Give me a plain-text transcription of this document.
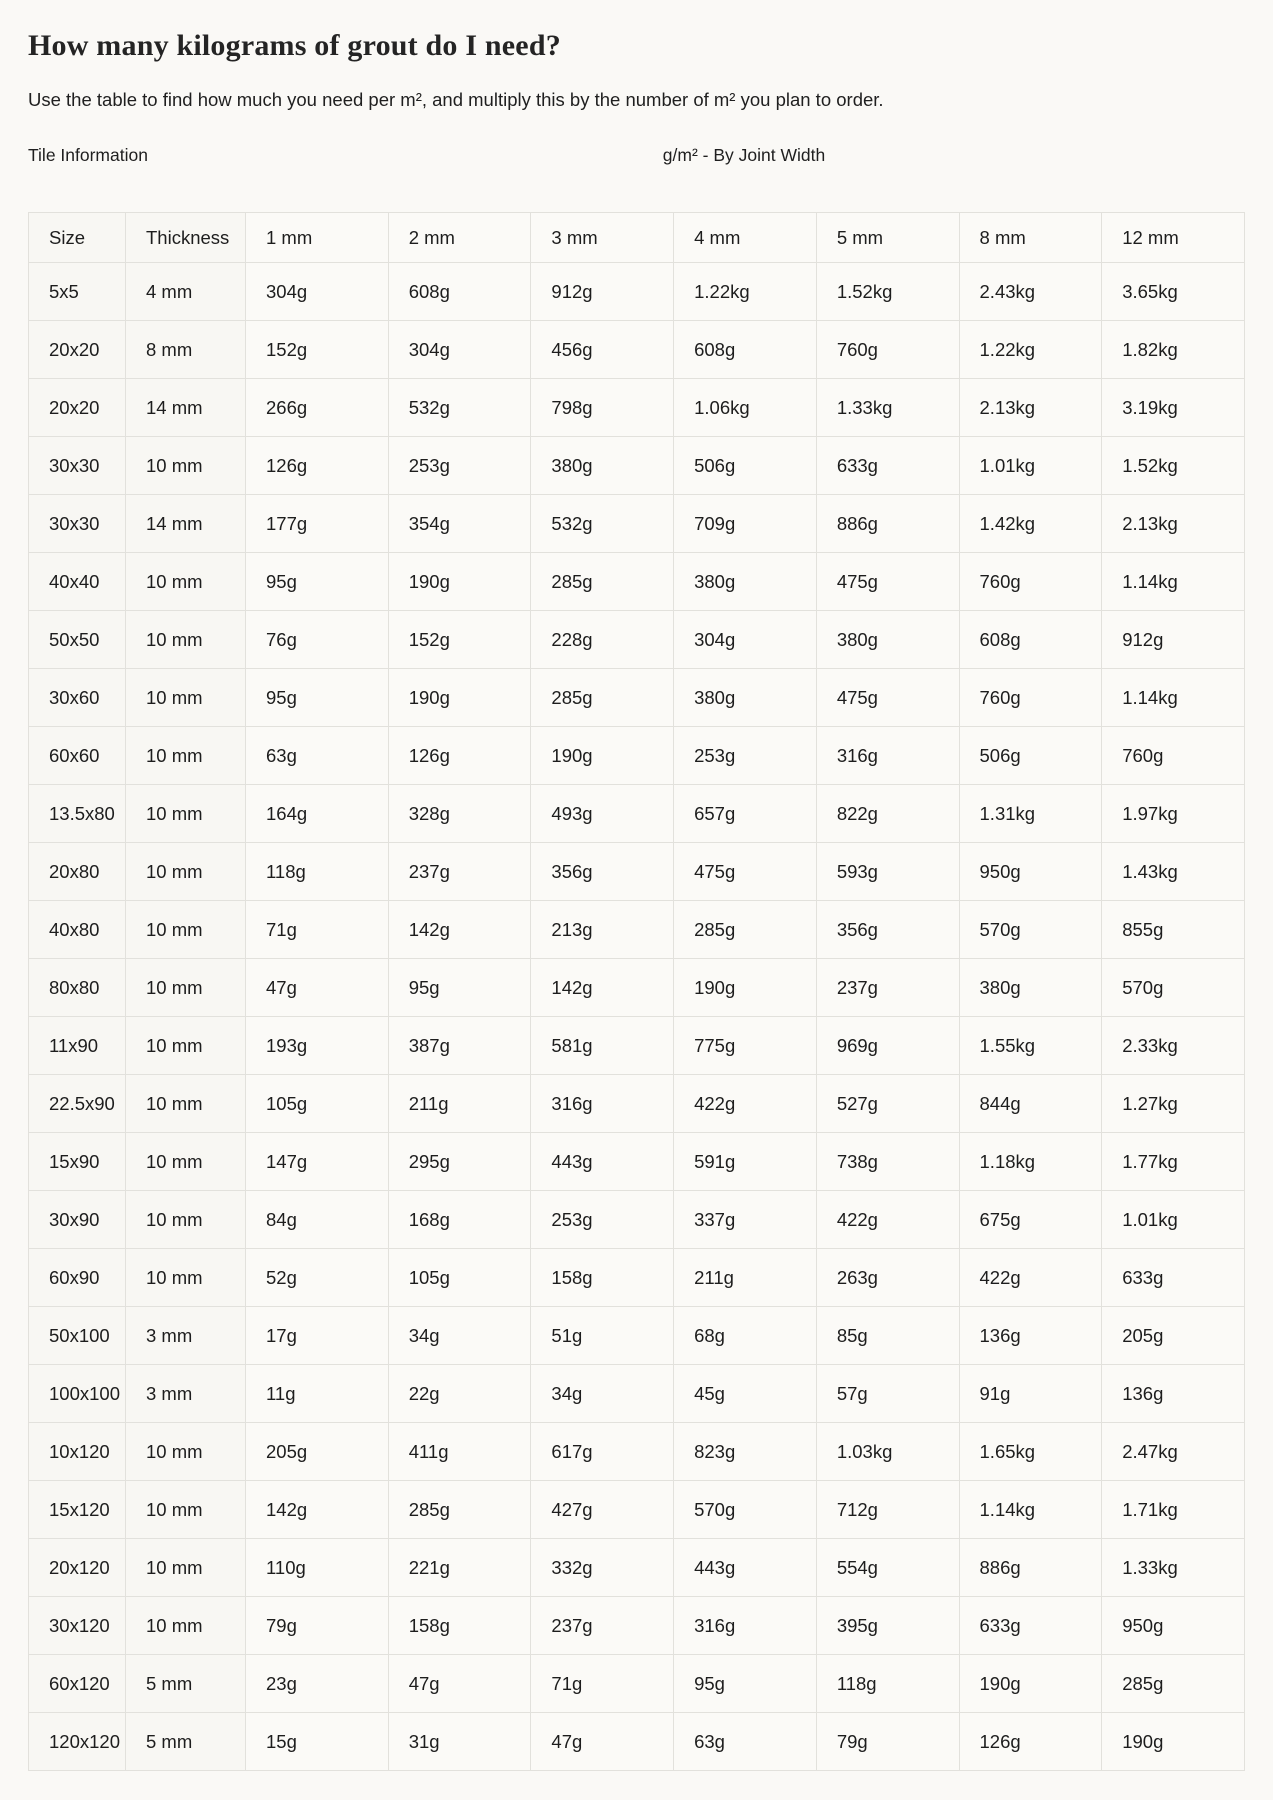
How many kilograms of grout do I need?

Use the table to find how much you need per m², and multiply this by the number of m² you plan to order.

Tile Information	g/m² - By Joint Width
Size	Thickness	1 mm	2 mm	3 mm	4 mm	5 mm	8 mm	12 mm
5x5	4 mm	304g	608g	912g	1.22kg	1.52kg	2.43kg	3.65kg
20x20	8 mm	152g	304g	456g	608g	760g	1.22kg	1.82kg
20x20	14 mm	266g	532g	798g	1.06kg	1.33kg	2.13kg	3.19kg
30x30	10 mm	126g	253g	380g	506g	633g	1.01kg	1.52kg
30x30	14 mm	177g	354g	532g	709g	886g	1.42kg	2.13kg
40x40	10 mm	95g	190g	285g	380g	475g	760g	1.14kg
50x50	10 mm	76g	152g	228g	304g	380g	608g	912g
30x60	10 mm	95g	190g	285g	380g	475g	760g	1.14kg
60x60	10 mm	63g	126g	190g	253g	316g	506g	760g
13.5x80	10 mm	164g	328g	493g	657g	822g	1.31kg	1.97kg
20x80	10 mm	118g	237g	356g	475g	593g	950g	1.43kg
40x80	10 mm	71g	142g	213g	285g	356g	570g	855g
80x80	10 mm	47g	95g	142g	190g	237g	380g	570g
11x90	10 mm	193g	387g	581g	775g	969g	1.55kg	2.33kg
22.5x90	10 mm	105g	211g	316g	422g	527g	844g	1.27kg
15x90	10 mm	147g	295g	443g	591g	738g	1.18kg	1.77kg
30x90	10 mm	84g	168g	253g	337g	422g	675g	1.01kg
60x90	10 mm	52g	105g	158g	211g	263g	422g	633g
50x100	3 mm	17g	34g	51g	68g	85g	136g	205g
100x100	3 mm	11g	22g	34g	45g	57g	91g	136g
10x120	10 mm	205g	411g	617g	823g	1.03kg	1.65kg	2.47kg
15x120	10 mm	142g	285g	427g	570g	712g	1.14kg	1.71kg
20x120	10 mm	110g	221g	332g	443g	554g	886g	1.33kg
30x120	10 mm	79g	158g	237g	316g	395g	633g	950g
60x120	5 mm	23g	47g	71g	95g	118g	190g	285g
120x120	5 mm	15g	31g	47g	63g	79g	126g	190g
